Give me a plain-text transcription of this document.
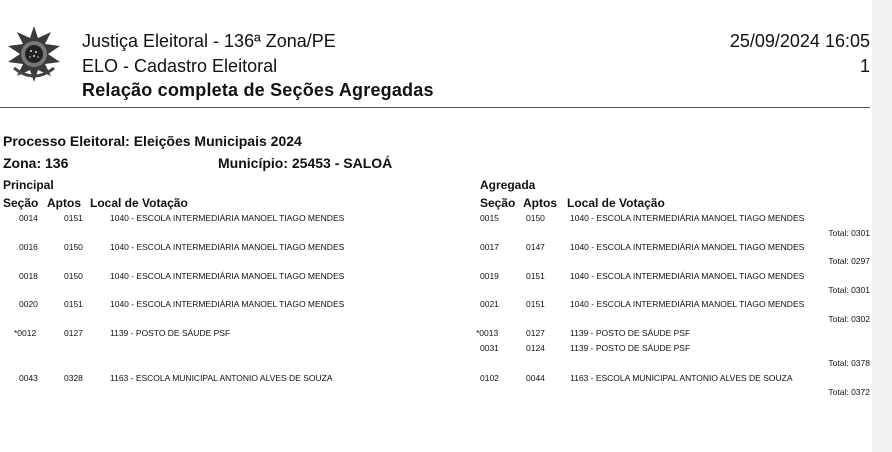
Justiça Eleitoral - 136ª Zona/PE
ELO - Cadastro Eleitoral
Relação completa de Seções Agregadas
25/09/2024 16:05
1
Processo Eleitoral: Eleições Municipais 2024
Zona: 136	Município: 25453 - SALOÁ
Principal	Agregada
Seção Aptos Local de Votação	Seção Aptos Local de Votação
0014	0151	1040 - ESCOLA INTERMEDIÁRIA MANOEL TIAGO MENDES
0016	0150	1040 - ESCOLA INTERMEDIÁRIA MANOEL TIAGO MENDES
0018	0150	1040 - ESCOLA INTERMEDIÁRIA MANOEL TIAGO MENDES
0020	0151	1040 - ESCOLA INTERMEDIÁRIA MANOEL TIAGO MENDES
*0012	0127	1139 - POSTO DE SÁUDE PSF
0043	0328	1163 - ESCOLA MUNICIPAL ANTONIO ALVES DE SOUZA
0015	0150	1040 - ESCOLA INTERMEDIÁRIA MANOEL TIAGO MENDES
Total: 0301
0017	0147	1040 - ESCOLA INTERMEDIÁRIA MANOEL TIAGO MENDES
Total: 0297
0019	0151	1040 - ESCOLA INTERMEDIÁRIA MANOEL TIAGO MENDES
Total: 0301
0021	0151	1040 - ESCOLA INTERMEDIÁRIA MANOEL TIAGO MENDES
Total: 0302
*0013	0127	1139 - POSTO DE SÁUDE PSF
0031	0124	1139 - POSTO DE SÁUDE PSF
Total: 0378
0102	0044	1163 - ESCOLA MUNICIPAL ANTONIO ALVES DE SOUZA
Total: 0372
